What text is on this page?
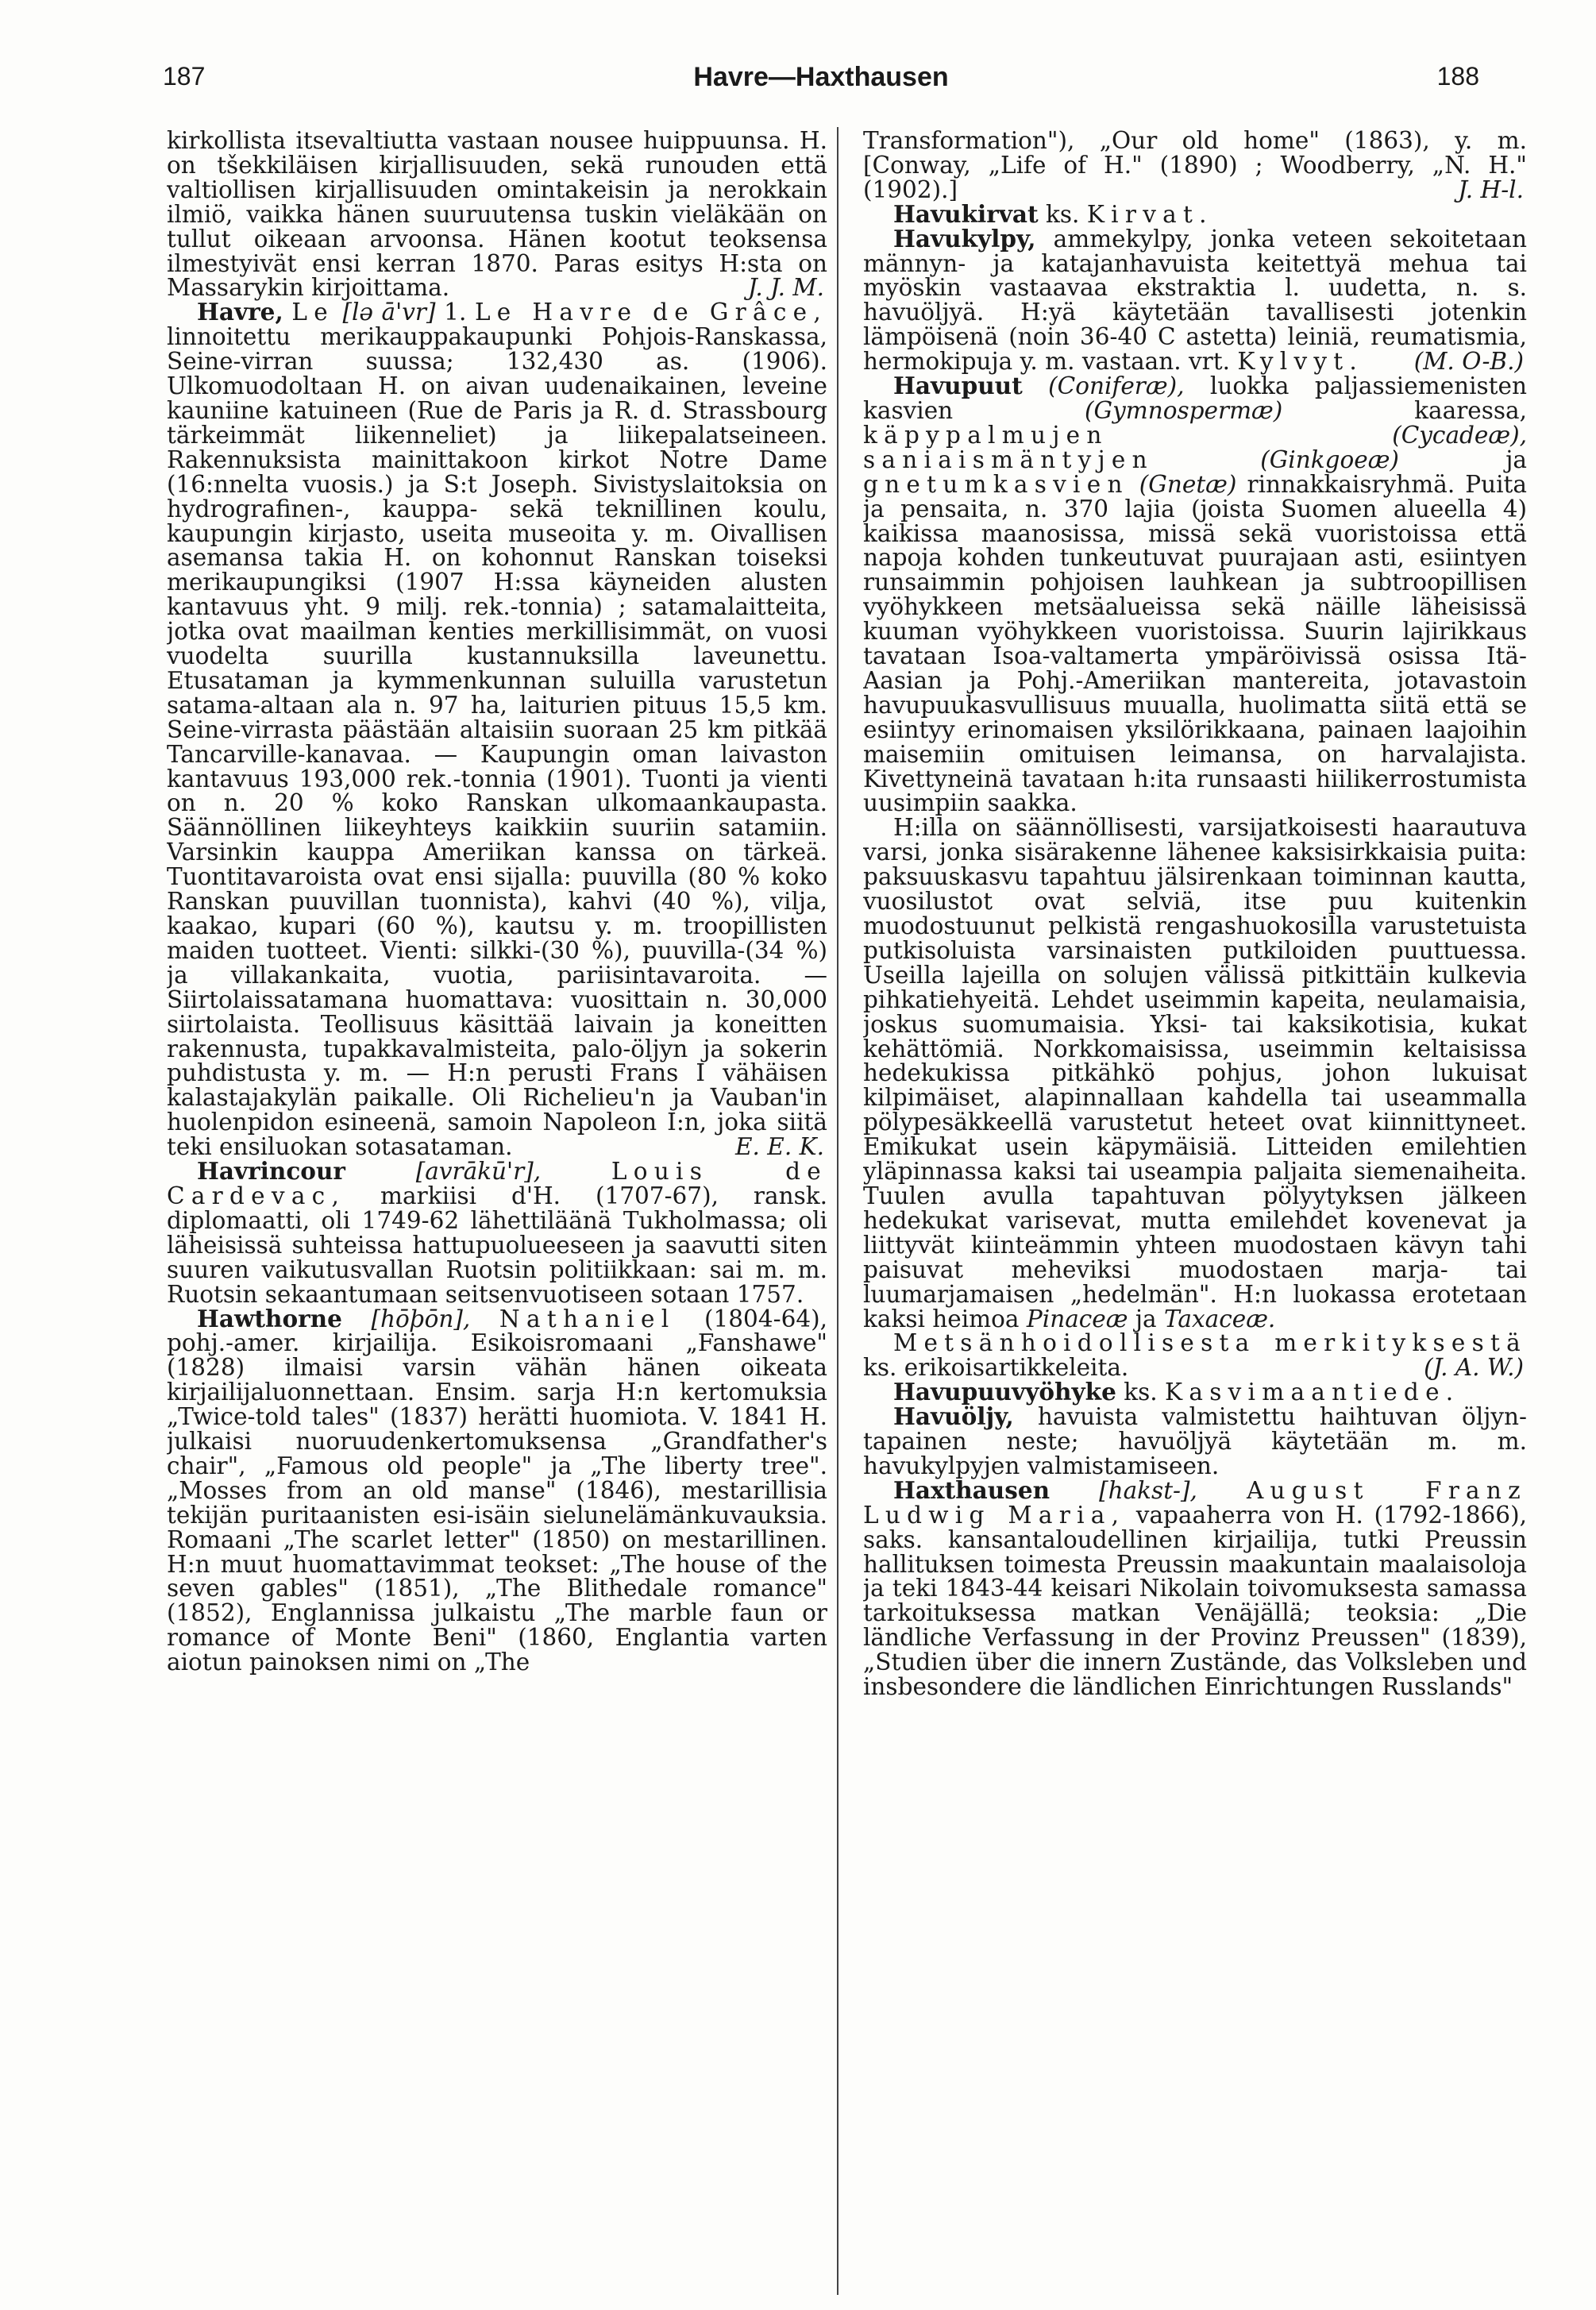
187	Havre—Haxthausen	188

kirkollista itsevaltiutta vastaan nousee huippuunsa. H. on tšekkiläisen kirjallisuuden, sekä runouden että valtiollisen kirjallisuuden omintakeisin ja nerokkain ilmiö, vaikka hänen suuruutensa tuskin vieläkään on tullut oikeaan arvoonsa. Hänen kootut teoksensa ilmestyivät ensi kerran 1870. Paras esitys H:sta on Massarykin kirjoittama.	J. J. M.

Havre, Le [lə ā'vr] 1. Le Havre de Grâce, linnoitettu merikauppakaupunki Pohjois-Ranskassa, Seine-virran suussa; 132,430 as. (1906). Ulkomuodoltaan H. on aivan uudenaikainen, leveine kauniine katuineen (Rue de Paris ja R. d. Strassbourg tärkeimmät liikenneliet) ja liikepalatseineen. Rakennuksista mainittakoon kirkot Notre Dame (16:nnelta vuosis.) ja S:t Joseph. Sivistyslaitoksia on hydrografinen-, kauppa- sekä teknillinen koulu, kaupungin kirjasto, useita museoita y. m. Oivallisen asemansa takia H. on kohonnut Ranskan toiseksi merikaupungiksi (1907 H:ssa käyneiden alusten kantavuus yht. 9 milj. rek.-tonnia) ; satamalaitteita, jotka ovat maailman kenties merkillisimmät, on vuosi vuodelta suurilla kustannuksilla laveunettu. Etusataman ja kymmenkunnan suluilla varustetun satama-altaan ala n. 97 ha, laiturien pituus 15,5 km. Seine-virrasta päästään altaisiin suoraan 25 km pitkää Tancarville-kanavaa. — Kaupungin oman laivaston kantavuus 193,000 rek.-tonnia (1901). Tuonti ja vienti on n. 20 % koko Ranskan ulkomaankaupasta. Säännöllinen liikeyhteys kaikkiin suuriin satamiin. Varsinkin kauppa Ameriikan kanssa on tärkeä. Tuontitavaroista ovat ensi sijalla: puuvilla (80 % koko Ranskan puuvillan tuonnista), kahvi (40 %), vilja, kaakao, kupari (60 %), kautsu y. m. troopillisten maiden tuotteet. Vienti: silkki-(30 %), puuvilla-(34 %) ja villakankaita, vuotia, pariisintavaroita. — Siirtolaissatamana huomattava: vuosittain n. 30,000 siirtolaista. Teollisuus käsittää laivain ja koneitten rakennusta, tupakkavalmisteita, palo-öljyn ja sokerin puhdistusta y. m. — H:n perusti Frans I vähäisen kalastajakylän paikalle. Oli Richelieu'n ja Vauban'in huolenpidon esineenä, samoin Napoleon I:n, joka siitä teki ensiluokan sotasataman.	E. E. K.

Havrincour	[avrākū'r],	Louis de Cardevac, markiisi d'H. (1707-67), ransk. diplomaatti, oli 1749-62 lähettiläänä Tukholmassa; oli läheisissä suhteissa hattupuolueeseen ja saavutti siten suuren vaikutusvallan Ruotsin politiikkaan: sai m. m. Ruotsin sekaantumaan seitsenvuotiseen sotaan 1757.

Hawthorne [hōþōn], Nathaniel (1804-64), pohj.-amer. kirjailija. Esikoisromaani „Fanshawe" (1828) ilmaisi varsin vähän hänen oikeata kirjailijaluonnettaan. Ensim. sarja H:n kertomuksia „Twice-told tales" (1837) herätti huomiota. V. 1841 H. julkaisi nuoruudenkertomuksensa „Grandfather's chair", „Famous old people" ja „The liberty tree". „Mosses from an old manse" (1846), mestarillisia tekijän puritaanisten esi-isäin sielunelämänkuvauksia. Romaani „The scarlet letter" (1850) on mestarillinen. H:n muut huomattavimmat teokset: „The house of the seven gables" (1851), „The Blithedale romance" (1852), Englannissa julkaistu „The marble faun or romance of Monte Beni" (1860, Englantia varten aiotun painoksen nimi on „The

Transformation"), „Our old home" (1863), y. m. [Conway, „Life of H." (1890) ; Woodberry, „N. H." (1902).]	J. H-l.

Havukirvat ks. Kirvat.

Havukylpy, ammekylpy, jonka veteen sekoitetaan männyn- ja katajanhavuista keitettyä mehua tai myöskin vastaavaa ekstraktia l. uudetta, n. s. havuöljyä. H:yä käytetään tavallisesti jotenkin lämpöisenä (noin 36-40 C astetta) leiniä, reumatismia, hermokipuja y. m. vastaan. vrt. Kylvyt.	(M. O-B.)

Havupuut (Coniferæ), luokka paljassiemenisten kasvien	(Gymnospermæ)	kaaressa, käpypalmujen	(Cycadeæ), saniaismäntyjen	(Ginkgoeæ)	ja gnetumkasvien (Gnetæ) rinnakkaisryhmä. Puita ja pensaita, n. 370 lajia (joista Suomen alueella 4) kaikissa maanosissa, missä sekä vuoristoissa että napoja kohden tunkeutuvat puurajaan asti, esiintyen runsaimmin pohjoisen lauhkean ja subtroopillisen vyöhykkeen metsäalueissa sekä näille läheisissä kuuman vyöhykkeen vuoristoissa. Suurin lajirikkaus tavataan Isoa-valtamerta ympäröivissä osissa Itä-Aasian ja Pohj.-Ameriikan mantereita, jotavastoin havupuukasvullisuus muualla, huolimatta siitä että se esiintyy erinomaisen yksilörikkaana, painaen laajoihin maisemiin omituisen leimansa, on harvalajista. Kivettyneinä tavataan h:ita runsaasti hiilikerrostumista uusimpiin saakka.

H:illa on säännöllisesti, varsijatkoisesti haarautuva varsi, jonka sisärakenne lähenee kaksisirkkaisia puita: paksuuskasvu tapahtuu jälsirenkaan toiminnan kautta, vuosilustot ovat selviä, itse puu kuitenkin muodostuunut pelkistä rengashuokosilla varustetuista putkisoluista varsinaisten putkiloiden puuttuessa. Useilla lajeilla on solujen välissä pitkittäin kulkevia pihkatiehyeitä. Lehdet useimmin kapeita, neulamaisia, joskus suomumaisia. Yksi- tai kaksikotisia, kukat kehättömiä. Norkkomaisissa, useimmin keltaisissa hedekukissa pitkähkö pohjus, johon lukuisat kilpimäiset, alapinnallaan kahdella tai useammalla pölypesäkkeellä varustetut heteet ovat kiinnittyneet. Emikukat usein käpymäisiä. Litteiden emilehtien yläpinnassa kaksi tai useampia paljaita siemenaiheita. Tuulen avulla tapahtuvan pölyytyksen jälkeen hedekukat varisevat, mutta emilehdet kovenevat ja liittyvät kiinteämmin yhteen muodostaen kävyn tahi paisuvat meheviksi muodostaen marja- tai luumarjamaisen „hedelmän". H:n luokassa erotetaan kaksi heimoa Pinaceæ ja Taxaceæ.

Metsänhoidollisesta merkityksestä ks. erikoisartikkeleita.	(J. A. W.)

Havupuuvyöhyke ks. Kasvimaantiede.

Havuöljy, havuista valmistettu haihtuvan öljyn-tapainen neste; havuöljyä käytetään m. m. havukylpyjen valmistamiseen.

Haxthausen [hakst-], August Franz Ludwig Maria, vapaaherra von H. (1792-1866), saks. kansantaloudellinen kirjailija, tutki Preussin hallituksen toimesta Preussin maakuntain maalaisoloja ja teki 1843-44 keisari Nikolain toivomuksesta samassa tarkoituksessa matkan Venäjällä; teoksia: „Die ländliche Verfassung in der Provinz Preussen" (1839), „Studien über die innern Zustände, das Volksleben und insbesondere die ländlichen Einrichtungen Russlands"
